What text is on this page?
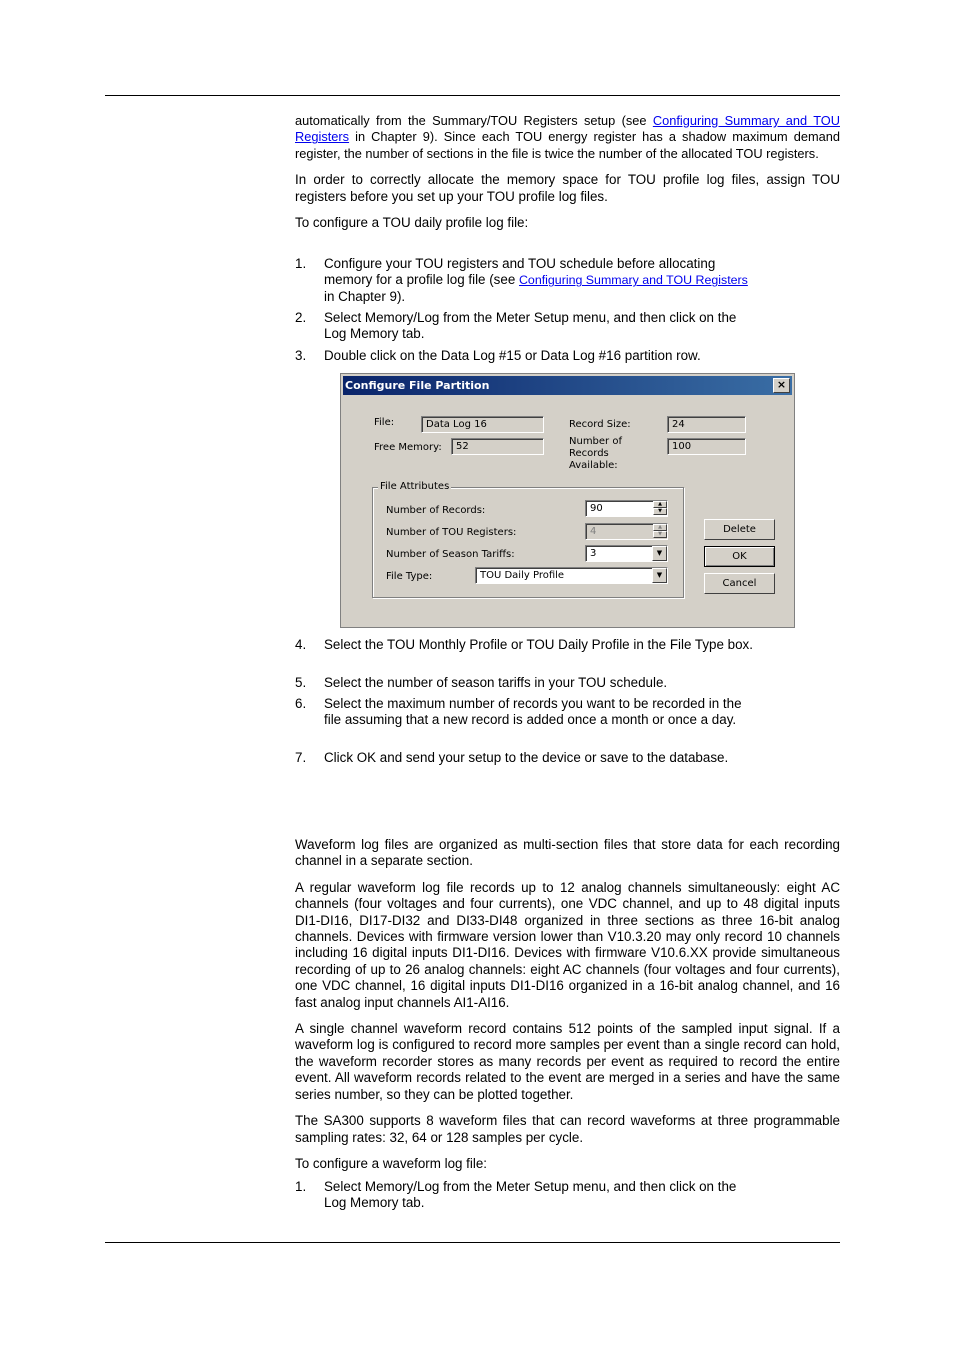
automatically from the Summary/TOU Registers setup (see Configuring Summary and TOU Registers in Chapter 9). Since each TOU energy register has a shadow maximum demand register, the number of sections in the file is twice the number of the allocated TOU registers.

In order to correctly allocate the memory space for TOU profile log files, assign TOU registers before you set up your TOU profile log files.

To configure a TOU daily profile log file:

1. Configure your TOU registers and TOU schedule before allocating memory for a profile log file (see Configuring Summary and TOU Registers in Chapter 9).
2. Select Memory/Log from the Meter Setup menu, and then click on the Log Memory tab.
3. Double click on the Data Log #15 or Data Log #16 partition row.
Configure File Partition	×
File:	Data Log 16
Free Memory:	52
Record Size:	24
Number of Records Available:
100
File Attributes
Number of Records:	90	▲
▼
Number of TOU Registers:	4	▲
▼
Number of Season Tariffs:	3	▼
File Type:	TOU Daily Profile	▼
Delete
OK
Cancel
4. Select the TOU Monthly Profile or TOU Daily Profile in the File Type box.
5. Select the number of season tariffs in your TOU schedule.
6. Select the maximum number of records you want to be recorded in the file assuming that a new record is added once a month or once a day.
7. Click OK and send your setup to the device or save to the database.

Waveform log files are organized as multi-section files that store data for each recording channel in a separate section.

A regular waveform log file records up to 12 analog channels simultaneously: eight AC channels (four voltages and four currents), one VDC channel, and up to 48 digital inputs DI1-DI16, DI17-DI32 and DI33-DI48 organized in three sections as three 16-bit analog channels. Devices with firmware version lower than V10.3.20 may only record 10 channels including 16 digital inputs DI1-DI16. Devices with firmware V10.6.XX provide simultaneous recording of up to 26 analog channels: eight AC channels (four voltages and four currents), one VDC channel, 16 digital inputs DI1-DI16 organized in a 16-bit analog channel, and 16 fast analog input channels AI1-AI16.

A single channel waveform record contains 512 points of the sampled input signal. If a waveform log is configured to record more samples per event than a single record can hold, the waveform recorder stores as many records per event as required to record the entire event. All waveform records related to the event are merged in a series and have the same series number, so they can be plotted together.

The SA300 supports 8 waveform files that can record waveforms at three programmable sampling rates: 32, 64 or 128 samples per cycle.

To configure a waveform log file:

1. Select Memory/Log from the Meter Setup menu, and then click on the Log Memory tab.
